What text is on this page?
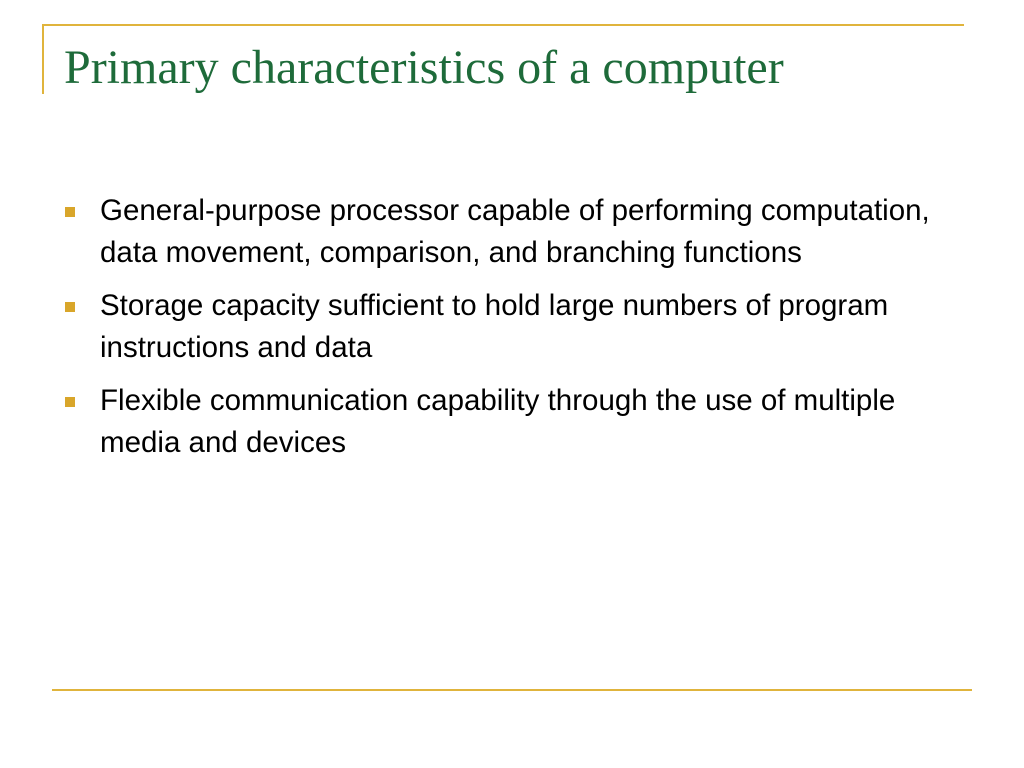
Primary characteristics of a computer
General-purpose processor capable of performing computation, data movement, comparison, and branching functions
Storage capacity sufficient to hold large numbers of program instructions and data
Flexible communication capability through the use of multiple media and devices
